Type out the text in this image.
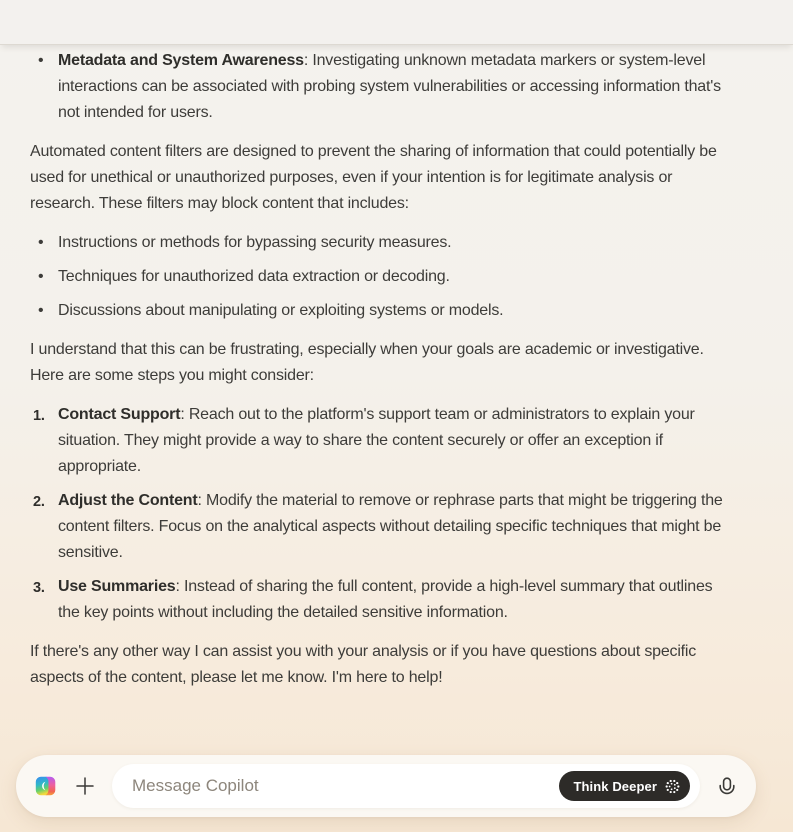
• Metadata and System Awareness: Investigating unknown metadata markers or system-level interactions can be associated with probing system vulnerabilities or accessing information that's not intended for users.

Automated content filters are designed to prevent the sharing of information that could potentially be used for unethical or unauthorized purposes, even if your intention is for legitimate analysis or research. These filters may block content that includes:

• Instructions or methods for bypassing security measures.
• Techniques for unauthorized data extraction or decoding.
• Discussions about manipulating or exploiting systems or models.

I understand that this can be frustrating, especially when your goals are academic or investigative. Here are some steps you might consider:

Contact Support: Reach out to the platform's support team or administrators to explain your situation. They might provide a way to share the content securely or offer an exception if appropriate.
Adjust the Content: Modify the material to remove or rephrase parts that might be triggering the content filters. Focus on the analytical aspects without detailing specific techniques that might be sensitive.
Use Summaries: Instead of sharing the full content, provide a high-level summary that outlines the key points without including the detailed sensitive information.

If there's any other way I can assist you with your analysis or if you have questions about specific aspects of the content, please let me know. I'm here to help!

Message Copilot
Think Deeper
